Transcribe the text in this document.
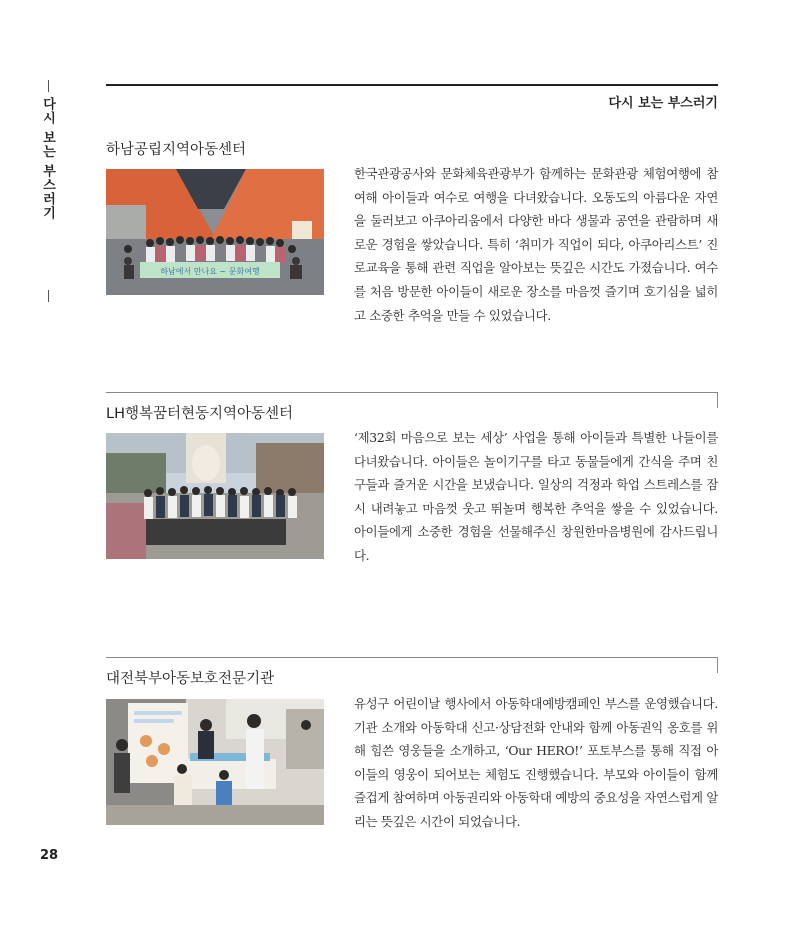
다시 보는 부스러기	다시 보는 부스러기
하남공립지역아동센터
하남에서 만나요 ~ 문화여행

한국관광공사와 문화체육관광부가 함께하는 문화관광 체험여행에 참여해 아이들과 여수로 여행을 다녀왔습니다. 오동도의 아름다운 자연을 둘러보고 아쿠아리움에서 다양한 바다 생물과 공연을 관람하며 새로운 경험을 쌓았습니다. 특히 ‘취미가 직업이 되다, 아쿠아리스트’ 진로교육을 통해 관련 직업을 알아보는 뜻깊은 시간도 가졌습니다. 여수를 처음 방문한 아이들이 새로운 장소를 마음껏 즐기며 호기심을 넓히고 소중한 추억을 만들 수 있었습니다.

LH행복꿈터현동지역아동센터

‘제32회 마음으로 보는 세상’ 사업을 통해 아이들과 특별한 나들이를 다녀왔습니다. 아이들은 놀이기구를 타고 동물들에게 간식을 주며 친구들과 즐거운 시간을 보냈습니다. 일상의 걱정과 학업 스트레스를 잠시 내려놓고 마음껏 웃고 뛰놀며 행복한 추억을 쌓을 수 있었습니다. 아이들에게 소중한 경험을 선물해주신 창원한마음병원에 감사드립니다.

대전북부아동보호전문기관

유성구 어린이날 행사에서 아동학대예방캠페인 부스를 운영했습니다. 기관 소개와 아동학대 신고·상담전화 안내와 함께 아동권익 옹호를 위해 힘쓴 영웅들을 소개하고, ‘Our HERO!’ 포토부스를 통해 직접 아이들의 영웅이 되어보는 체험도 진행했습니다. 부모와 아이들이 함께 즐겁게 참여하며 아동권리와 아동학대 예방의 중요성을 자연스럽게 알리는 뜻깊은 시간이 되었습니다.

28
